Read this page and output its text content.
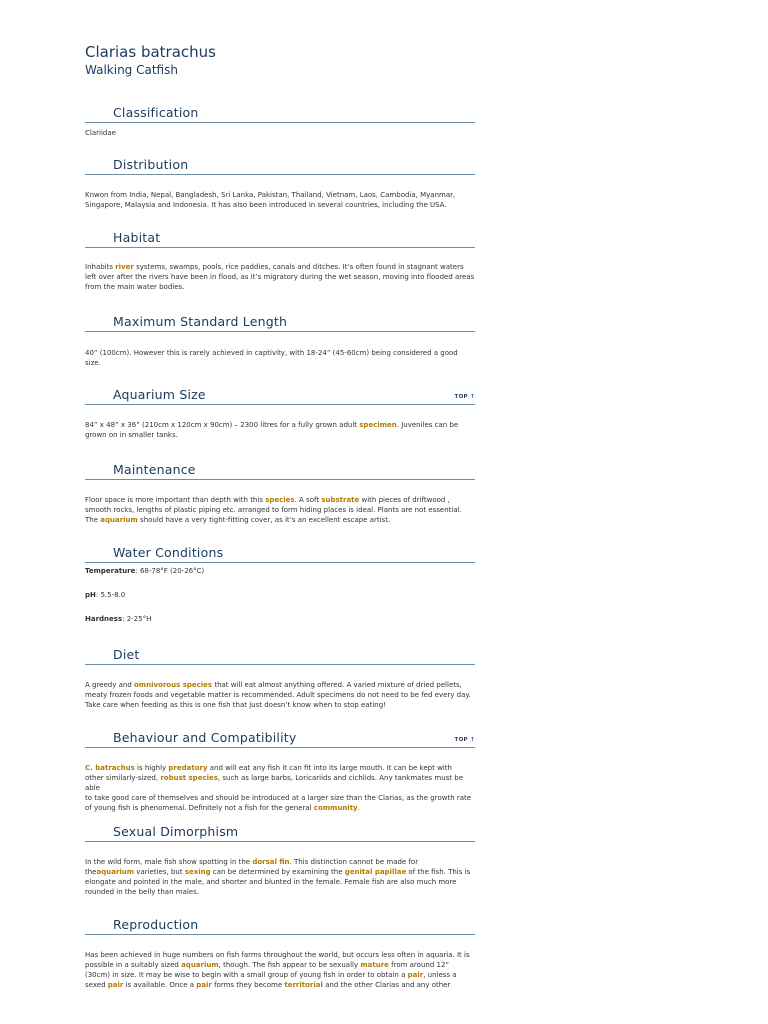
Clarias batrachus
Walking Catfish
Classification

Clariidae

Distribution

Knwon from India, Nepal, Bangladesh, Sri Lanka, Pakistan, Thailand, Vietnam, Laos, Cambodia, Myanmar,
Singapore, Malaysia and Indonesia. It has also been introduced in several countries, including the USA.

Habitat

Inhabits river systems, swamps, pools, rice paddies, canals and ditches. It’s often found in stagnant waters
left over after the rivers have been in flood, as it’s migratory during the wet season, moving into flooded areas
from the main water bodies.

Maximum Standard Length

40” (100cm). However this is rarely achieved in captivity, with 18-24” (45-60cm) being considered a good
size.

Aquarium Size	TOP ↑

84” x 48” x 36” (210cm x 120cm x 90cm) – 2300 litres for a fully grown adult specimen. Juveniles can be
grown on in smaller tanks.

Maintenance

Floor space is more important than depth with this species. A soft substrate with pieces of driftwood ,
smooth rocks, lengths of plastic piping etc. arranged to form hiding places is ideal. Plants are not essential.
The aquarium should have a very tight-fitting cover, as it’s an excellent escape artist.

Water Conditions

Temperature: 68-78°F (20-26°C)

pH: 5.5-8.0

Hardness: 2-25°H

Diet

A greedy and omnivorous species that will eat almost anything offered. A varied mixture of dried pellets,
meaty frozen foods and vegetable matter is recommended. Adult specimens do not need to be fed every day.
Take care when feeding as this is one fish that just doesn’t know when to stop eating!

Behaviour and Compatibility	TOP ↑

C. batrachus is highly predatory and will eat any fish it can fit into its large mouth. It can be kept with
other similarly-sized, robust species, such as large barbs, Loricariids and cichlids. Any tankmates must be able
to take good care of themselves and should be introduced at a larger size than the Clarias, as the growth rate
of young fish is phenomenal. Definitely not a fish for the general community.

Sexual Dimorphism

In the wild form, male fish show spotting in the dorsal fin. This distinction cannot be made for
theaquarium varieties, but sexing can be determined by examining the genital papillae of the fish. This is
elongate and pointed in the male, and shorter and blunted in the female. Female fish are also much more
rounded in the belly than males.

Reproduction

Has been achieved in huge numbers on fish farms throughout the world, but occurs less often in aquaria. It is
possible in a suitably sized aquarium, though. The fish appear to be sexually mature from around 12”
(30cm) in size. It may be wise to begin with a small group of young fish in order to obtain a pair, unless a
sexed pair is available. Once a pair forms they become territorial and the other Clarias and any other
